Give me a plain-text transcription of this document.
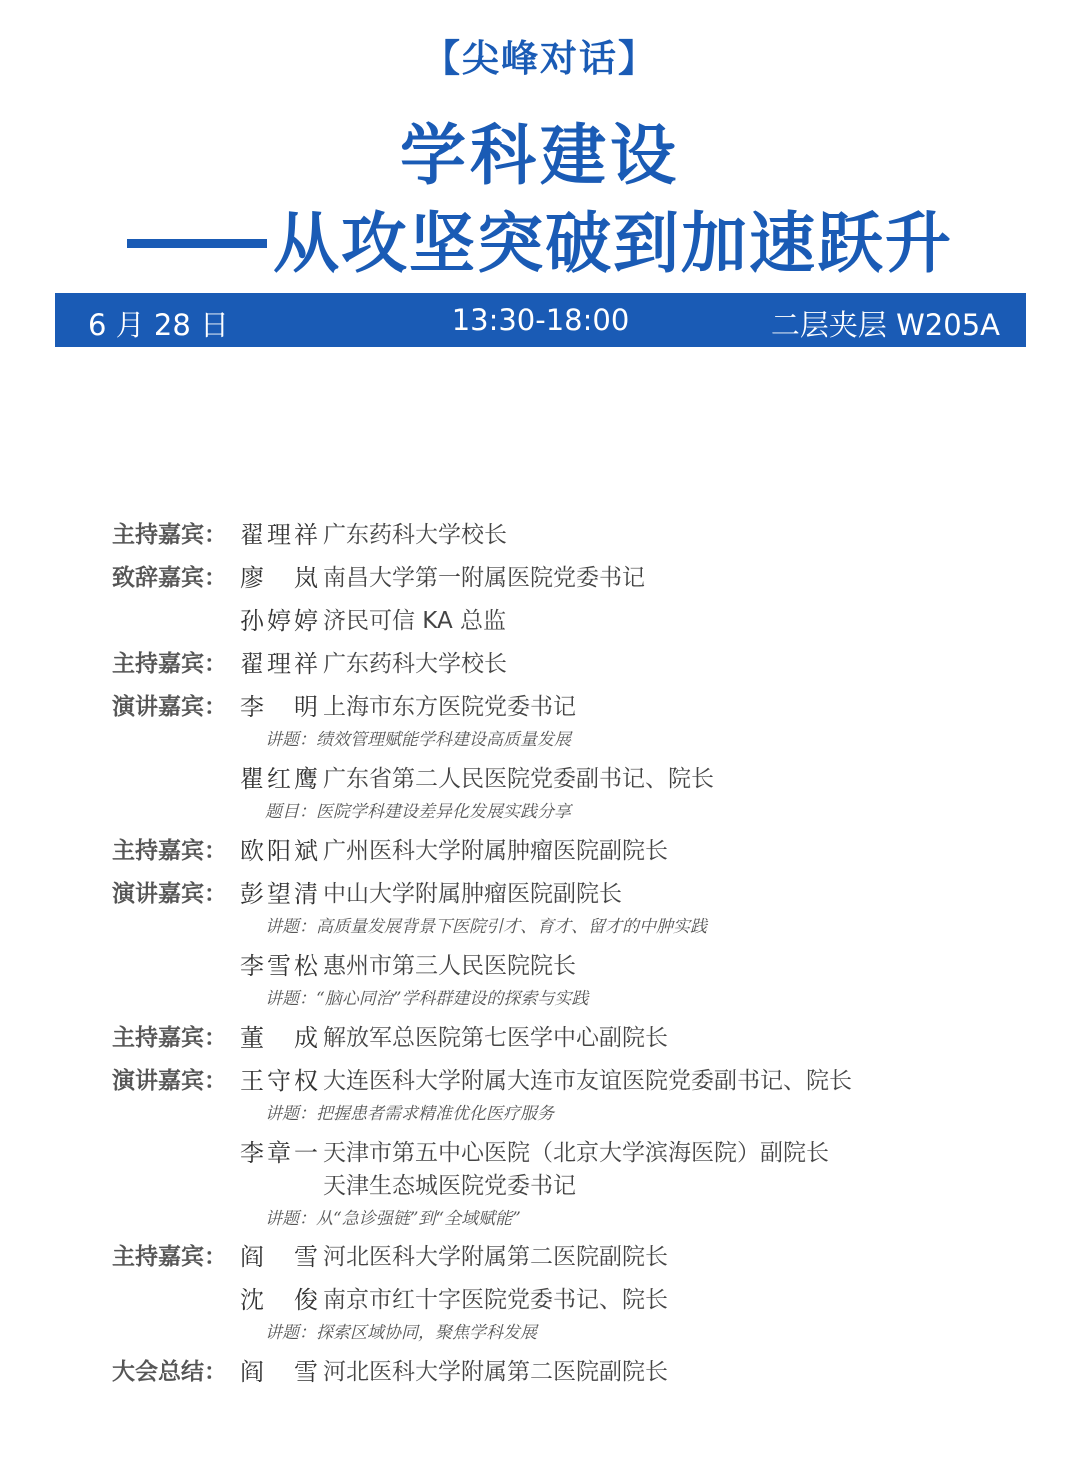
【尖峰对话】
学科建设
从攻坚突破到加速跃升
6 月 28 日	13:30-18:00	二层夹层 W205A
主持嘉宾： 翟理祥 广东药科大学校长
致辞嘉宾： 廖岚 南昌大学第一附属医院党委书记
孙婷婷 济民可信 KA 总监
主持嘉宾： 翟理祥 广东药科大学校长
演讲嘉宾： 李明 上海市东方医院党委书记
讲题：绩效管理赋能学科建设高质量发展
瞿红鹰 广东省第二人民医院党委副书记、院长
题目：医院学科建设差异化发展实践分享
主持嘉宾： 欧阳斌 广州医科大学附属肿瘤医院副院长
演讲嘉宾： 彭望清 中山大学附属肿瘤医院副院长
讲题：高质量发展背景下医院引才、育才、留才的中肿实践
李雪松 惠州市第三人民医院院长
讲题：“脑心同治”学科群建设的探索与实践
主持嘉宾： 董成 解放军总医院第七医学中心副院长
演讲嘉宾： 王守权 大连医科大学附属大连市友谊医院党委副书记、院长
讲题：把握患者需求精准优化医疗服务
李章一 天津市第五中心医院（北京大学滨海医院）副院长
天津生态城医院党委书记
讲题：从“急诊强链”到“全域赋能”
主持嘉宾： 阎雪 河北医科大学附属第二医院副院长
沈俊 南京市红十字医院党委书记、院长
讲题：探索区域协同，聚焦学科发展
大会总结： 阎雪 河北医科大学附属第二医院副院长
